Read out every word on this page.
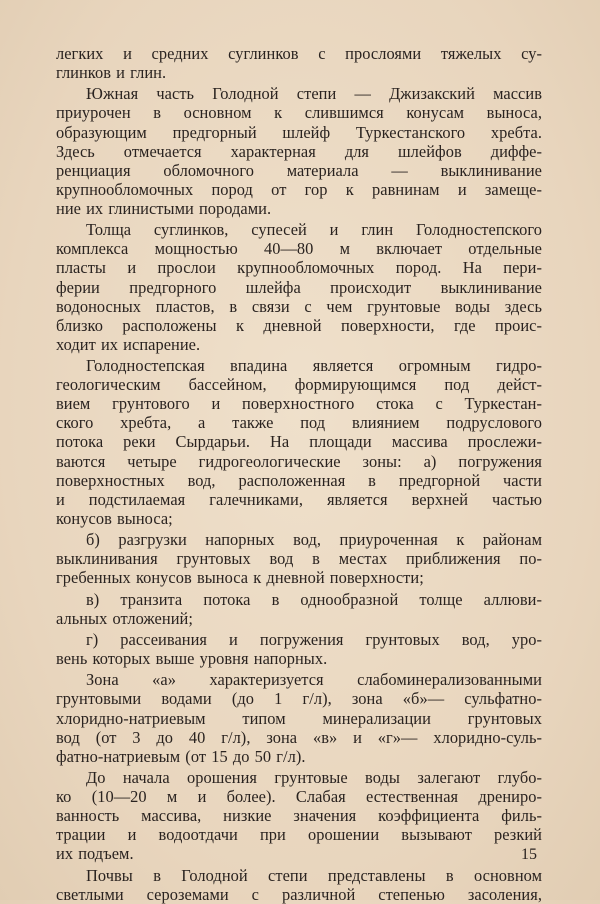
легких и средних суглинков с прослоями тяжелых су-
глинков и глин.
Южная часть Голодной степи — Джизакский массив
приурочен в основном к слившимся конусам выноса,
образующим предгорный шлейф Туркестанского хребта.
Здесь отмечается характерная для шлейфов диффе-
ренциация обломочного материала — выклинивание
крупнообломочных пород от гор к равнинам и замеще-
ние их глинистыми породами.
Толща суглинков, супесей и глин Голодностепского
комплекса мощностью 40—80 м включает отдельные
пласты и прослои крупнообломочных пород. На пери-
ферии предгорного шлейфа происходит выклинивание
водоносных пластов, в связи с чем грунтовые воды здесь
близко расположены к дневной поверхности, где проис-
ходит их испарение.
Голодностепская впадина является огромным гидро-
геологическим бассейном, формирующимся под дейст-
вием грунтового и поверхностного стока с Туркестан-
ского хребта, а также под влиянием подруслового
потока реки Сырдарьи. На площади массива прослежи-
ваются четыре гидрогеологические зоны: а) погружения
поверхностных вод, расположенная в предгорной части
и подстилаемая галечниками, является верхней частью
конусов выноса;
б) разгрузки напорных вод, приуроченная к районам
выклинивания грунтовых вод в местах приближения по-
гребенных конусов выноса к дневной поверхности;
в) транзита потока в однообразной толще аллюви-
альных отложений;
г) рассеивания и погружения грунтовых вод, уро-
вень которых выше уровня напорных.
Зона «а» характеризуется слабоминерализованными
грунтовыми водами (до 1 г/л), зона «б»— сульфатно-
хлоридно-натриевым типом минерализации грунтовых
вод (от 3 до 40 г/л), зона «в» и «г»— хлоридно-суль-
фатно-натриевым (от 15 до 50 г/л).
До начала орошения грунтовые воды залегают глубо-
ко (10—20 м и более). Слабая естественная дрениро-
ванность массива, низкие значения коэффициента филь-
трации и водоотдачи при орошении вызывают резкий
их подъем.
Почвы в Голодной степи представлены в основном
светлыми сероземами с различной степенью засоления,
15
